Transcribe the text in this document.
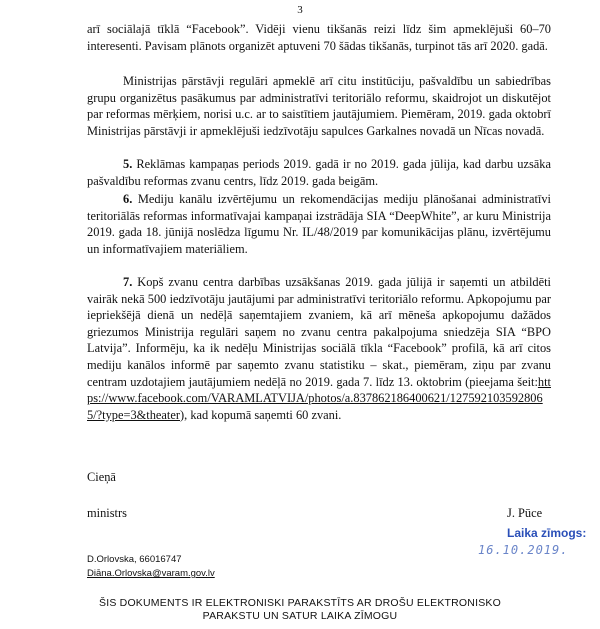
3

arī sociālajā tīklā “Facebook”. Vidēji vienu tikšanās reizi līdz šim apmeklējuši 60–70 interesenti. Pavisam plānots organizēt aptuveni 70 šādas tikšanās, turpinot tās arī 2020. gadā.

Ministrijas pārstāvji regulāri apmeklē arī citu institūciju, pašvaldību un sabiedrības grupu organizētus pasākumus par administratīvi teritoriālo reformu, skaidrojot un diskutējot par reformas mērķiem, norisi u.c. ar to saistītiem jautājumiem. Piemēram, 2019. gada oktobrī Ministrijas pārstāvji ir apmeklējuši iedzīvotāju sapulces Garkalnes novadā un Nīcas novadā.

5. Reklāmas kampaņas periods 2019. gadā ir no 2019. gada jūlija, kad darbu uzsāka pašvaldību reformas zvanu centrs, līdz 2019. gada beigām.

6. Mediju kanālu izvērtējumu un rekomendācijas mediju plānošanai administratīvi teritoriālās reformas informatīvajai kampaņai izstrādāja SIA “DeepWhite”, ar kuru Ministrija 2019. gada 18. jūnijā noslēdza līgumu Nr. IL/48/2019 par komunikācijas plānu, izvērtējumu un informatīvajiem materiāliem.

7. Kopš zvanu centra darbības uzsākšanas 2019. gada jūlijā ir saņemti un atbildēti vairāk nekā 500 iedzīvotāju jautājumi par administratīvi teritoriālo reformu. Apkopojumu par iepriekšējā dienā un nedēļā saņemtajiem zvaniem, kā arī mēneša apkopojumu dažādos griezumos Ministrija regulāri saņem no zvanu centra pakalpojuma sniedzēja SIA “BPO Latvija”. Informēju, ka ik nedēļu Ministrijas sociālā tīkla “Facebook” profilā, kā arī citos mediju kanālos informē par saņemto zvanu statistiku – skat., piemēram, ziņu par zvanu centram uzdotajiem jautājumiem nedēļā no 2019. gada 7. līdz 13. oktobrim (pieejama šeit:https://www.facebook.com/VARAMLATVIJA/photos/a.837862186400621/1275921035928065/?type=3&theater), kad kopumā saņemti 60 zvani.

Cieņā
ministrs	J. Pūce
Laika zīmogs:
16.10.2019.
D.Orlovska, 66016747
Diāna.Orlovska@varam.gov.lv
ŠIS DOKUMENTS IR ELEKTRONISKI PARAKSTĪTS AR DROŠU ELEKTRONISKO
PARAKSTU UN SATUR LAIKA ZĪMOGU
